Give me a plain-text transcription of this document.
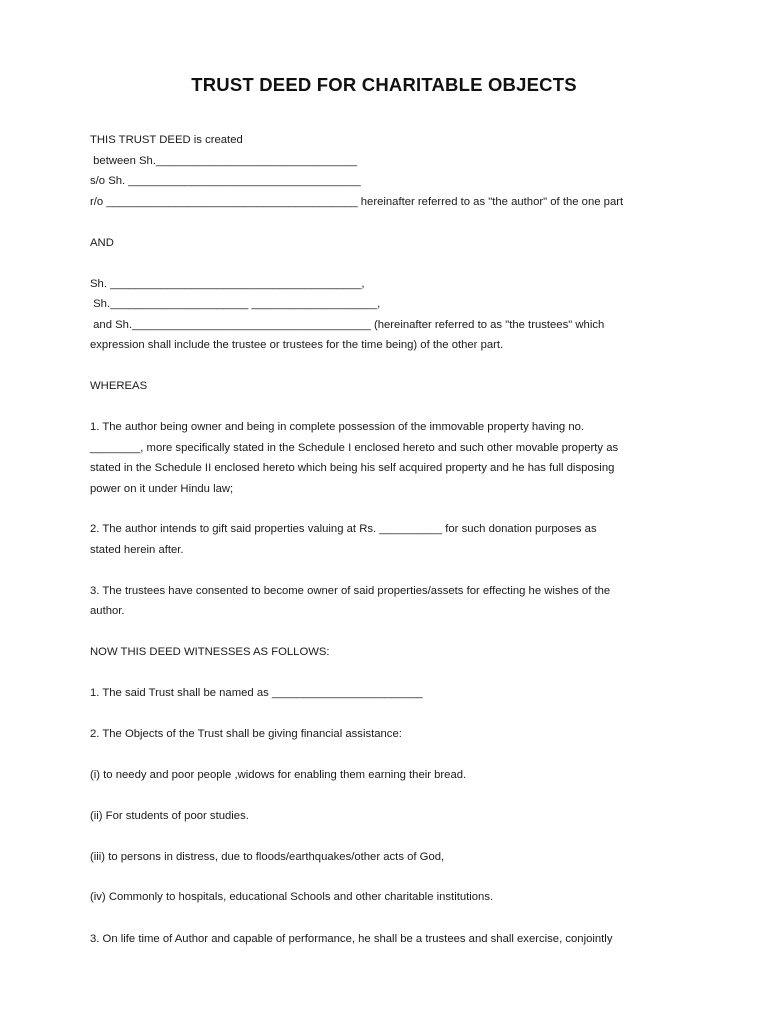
TRUST DEED FOR CHARITABLE OBJECTS
THIS TRUST DEED is created
between Sh.________________________________
s/o Sh. _____________________________________
r/o ________________________________________ hereinafter referred to as "the author" of the one part
AND
Sh. ________________________________________,
Sh.______________________ ____________________,
and Sh.______________________________________ (hereinafter referred to as "the trustees" which
expression shall include the trustee or trustees for the time being) of the other part.
WHEREAS
1. The author being owner and being in complete possession of the immovable property having no.
________, more specifically stated in the Schedule I enclosed hereto and such other movable property as
stated in the Schedule II enclosed hereto which being his self acquired property and he has full disposing
power on it under Hindu law;
2. The author intends to gift said properties valuing at Rs. __________ for such donation purposes as
stated herein after.
3. The trustees have consented to become owner of said properties/assets for effecting he wishes of the
author.
NOW THIS DEED WITNESSES AS FOLLOWS:
1. The said Trust shall be named as ________________________
2. The Objects of the Trust shall be giving financial assistance:
(i) to needy and poor people ,widows for enabling them earning their bread.
(ii) For students of poor studies.
(iii) to persons in distress, due to floods/earthquakes/other acts of God,
(iv) Commonly to hospitals, educational Schools and other charitable institutions.
3. On life time of Author and capable of performance, he shall be a trustees and shall exercise, conjointly
